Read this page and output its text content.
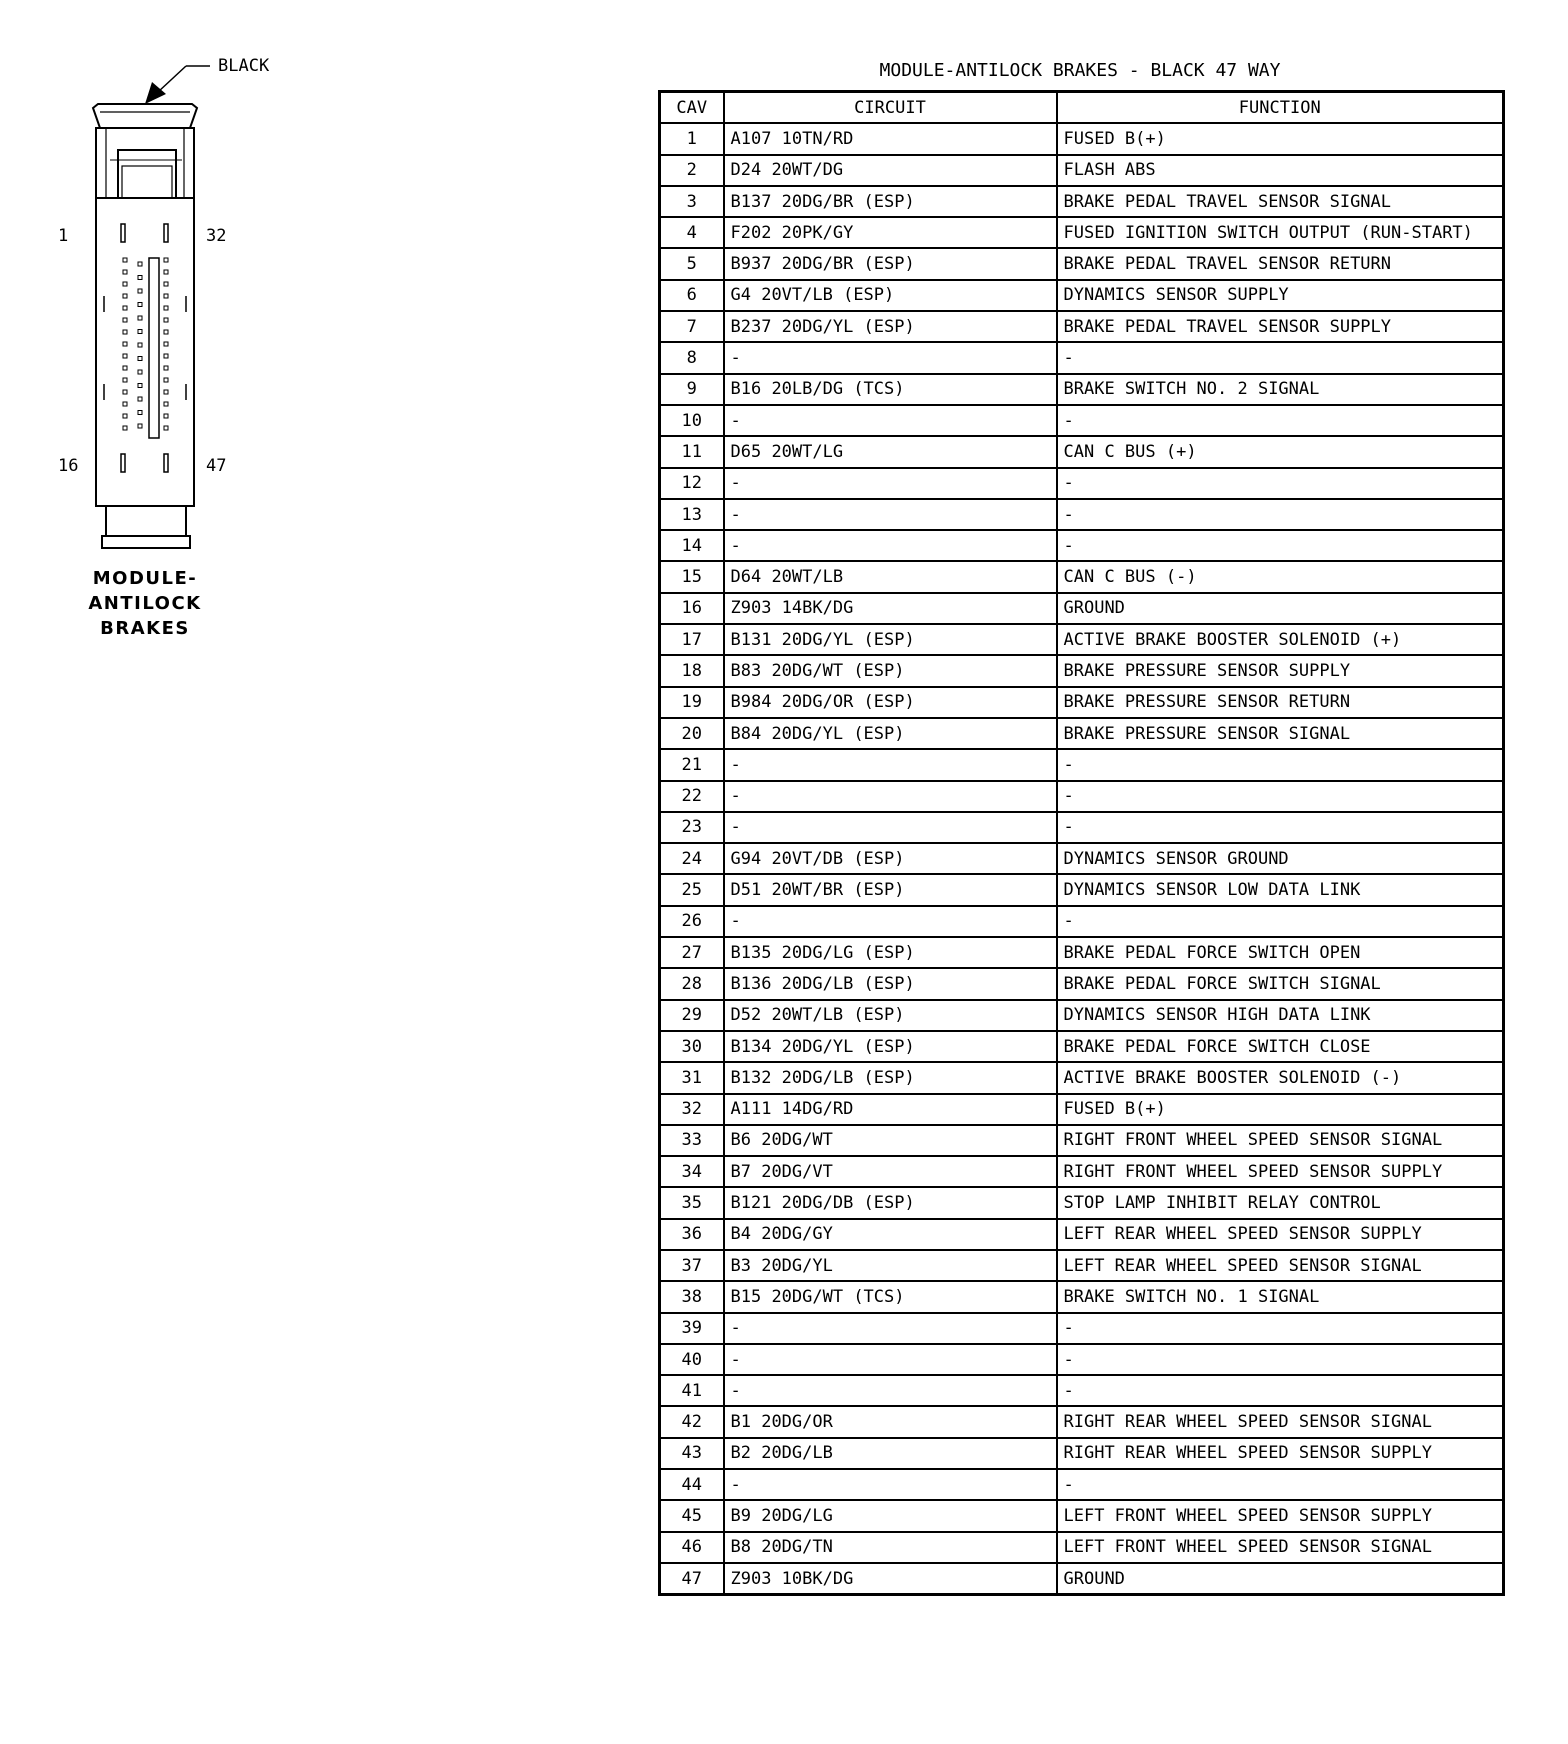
BLACK
1	32
16	47
MODULE-
ANTILOCK BRAKES
MODULE-ANTILOCK BRAKES - BLACK 47 WAY
CAV	CIRCUIT	FUNCTION
1	A107 10TN/RD	FUSED B(+)
2	D24 20WT/DG	FLASH ABS
3	B137 20DG/BR (ESP)	BRAKE PEDAL TRAVEL SENSOR SIGNAL
4	F202 20PK/GY	FUSED IGNITION SWITCH OUTPUT (RUN-START)
5	B937 20DG/BR (ESP)	BRAKE PEDAL TRAVEL SENSOR RETURN
6	G4 20VT/LB (ESP)	DYNAMICS SENSOR SUPPLY
7	B237 20DG/YL (ESP)	BRAKE PEDAL TRAVEL SENSOR SUPPLY
8	-	-
9	B16 20LB/DG (TCS)	BRAKE SWITCH NO. 2 SIGNAL
10	-	-
11	D65 20WT/LG	CAN C BUS (+)
12	-	-
13	-	-
14	-	-
15	D64 20WT/LB	CAN C BUS (-)
16	Z903 14BK/DG	GROUND
17	B131 20DG/YL (ESP)	ACTIVE BRAKE BOOSTER SOLENOID (+)
18	B83 20DG/WT (ESP)	BRAKE PRESSURE SENSOR SUPPLY
19	B984 20DG/OR (ESP)	BRAKE PRESSURE SENSOR RETURN
20	B84 20DG/YL (ESP)	BRAKE PRESSURE SENSOR SIGNAL
21	-	-
22	-	-
23	-	-
24	G94 20VT/DB (ESP)	DYNAMICS SENSOR GROUND
25	D51 20WT/BR (ESP)	DYNAMICS SENSOR LOW DATA LINK
26	-	-
27	B135 20DG/LG (ESP)	BRAKE PEDAL FORCE SWITCH OPEN
28	B136 20DG/LB (ESP)	BRAKE PEDAL FORCE SWITCH SIGNAL
29	D52 20WT/LB (ESP)	DYNAMICS SENSOR HIGH DATA LINK
30	B134 20DG/YL (ESP)	BRAKE PEDAL FORCE SWITCH CLOSE
31	B132 20DG/LB (ESP)	ACTIVE BRAKE BOOSTER SOLENOID (-)
32	A111 14DG/RD	FUSED B(+)
33	B6 20DG/WT	RIGHT FRONT WHEEL SPEED SENSOR SIGNAL
34	B7 20DG/VT	RIGHT FRONT WHEEL SPEED SENSOR SUPPLY
35	B121 20DG/DB (ESP)	STOP LAMP INHIBIT RELAY CONTROL
36	B4 20DG/GY	LEFT REAR WHEEL SPEED SENSOR SUPPLY
37	B3 20DG/YL	LEFT REAR WHEEL SPEED SENSOR SIGNAL
38	B15 20DG/WT (TCS)	BRAKE SWITCH NO. 1 SIGNAL
39	-	-
40	-	-
41	-	-
42	B1 20DG/OR	RIGHT REAR WHEEL SPEED SENSOR SIGNAL
43	B2 20DG/LB	RIGHT REAR WHEEL SPEED SENSOR SUPPLY
44	-	-
45	B9 20DG/LG	LEFT FRONT WHEEL SPEED SENSOR SUPPLY
46	B8 20DG/TN	LEFT FRONT WHEEL SPEED SENSOR SIGNAL
47	Z903 10BK/DG	GROUND
